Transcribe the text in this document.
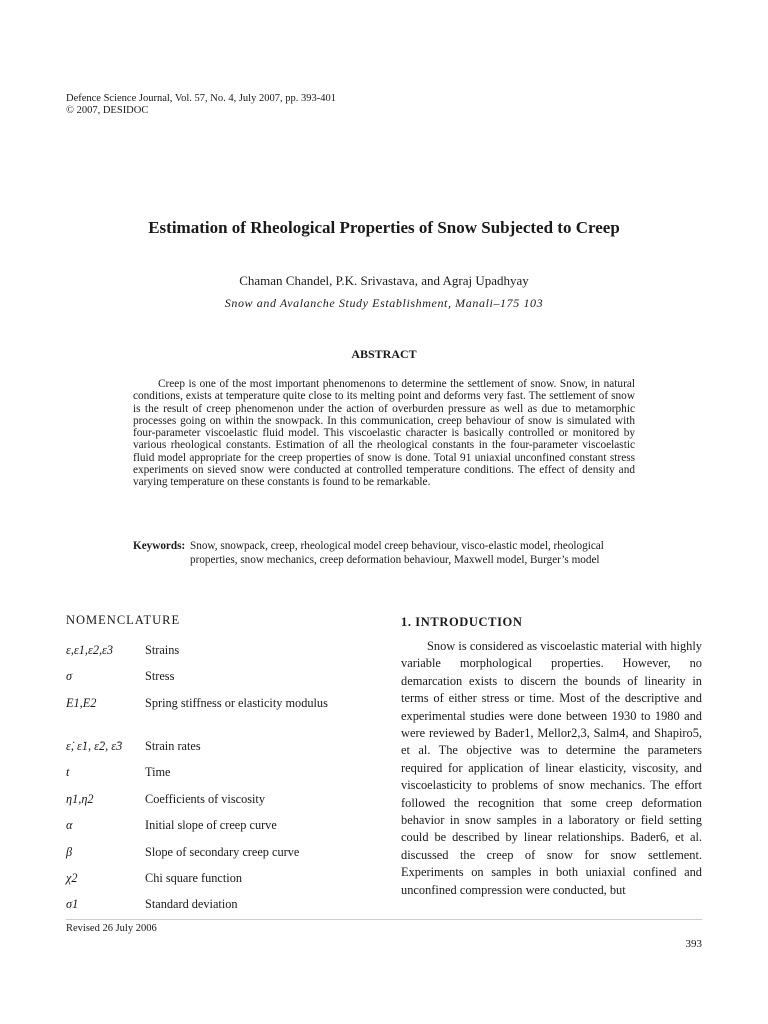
Defence Science Journal, Vol. 57, No. 4, July 2007, pp. 393-401
© 2007, DESIDOC
Estimation of Rheological Properties of Snow Subjected to Creep
Chaman Chandel, P.K. Srivastava, and Agraj Upadhyay
Snow and Avalanche Study Establishment, Manali–175 103
ABSTRACT

Creep is one of the most important phenomenons to determine the settlement of snow. Snow, in natural conditions, exists at temperature quite close to its melting point and deforms very fast. The settlement of snow is the result of creep phenomenon under the action of overburden pressure as well as due to metamorphic processes going on within the snowpack. In this communication, creep behaviour of snow is simulated with four-parameter viscoelastic fluid model. This viscoelastic character is basically controlled or monitored by various rheological constants. Estimation of all the rheological constants in the four-parameter viscoelastic fluid model appropriate for the creep properties of snow is done. Total 91 uniaxial unconfined constant stress experiments on sieved snow were conducted at controlled temperature conditions. The effect of density and varying temperature on these constants is found to be remarkable.

Keywords: Snow, snowpack, creep, rheological model creep behaviour, visco-elastic model, rheological properties, snow mechanics, creep deformation behaviour, Maxwell model, Burger’s model
NOMENCLATURE
ε,ε1,ε2,ε3	Strains
σ	Stress
E1,E2	Spring stiffness or elasticity modulus
ε̇, ε̇1, ε̇2, ε̇3 Strain rates
t	Time
η1,η2	Coefficients of viscosity
α	Initial slope of creep curve
β	Slope of secondary creep curve
χ2	Chi square function
σ1	Standard deviation
1. INTRODUCTION

Snow is considered as viscoelastic material with highly variable morphological properties. However, no demarcation exists to discern the bounds of linearity in terms of either stress or time. Most of the descriptive and experimental studies were done between 1930 to 1980 and were reviewed by Bader1, Mellor2,3, Salm4, and Shapiro5, et al. The objective was to determine the parameters required for application of linear elasticity, viscosity, and viscoelasticity to problems of snow mechanics. The effort followed the recognition that some creep deformation behavior in snow samples in a laboratory or field setting could be described by linear relationships. Bader6, et al. discussed the creep of snow for snow settlement. Experiments on samples in both uniaxial confined and unconfined compression were conducted, but

Revised 26 July 2006
393
